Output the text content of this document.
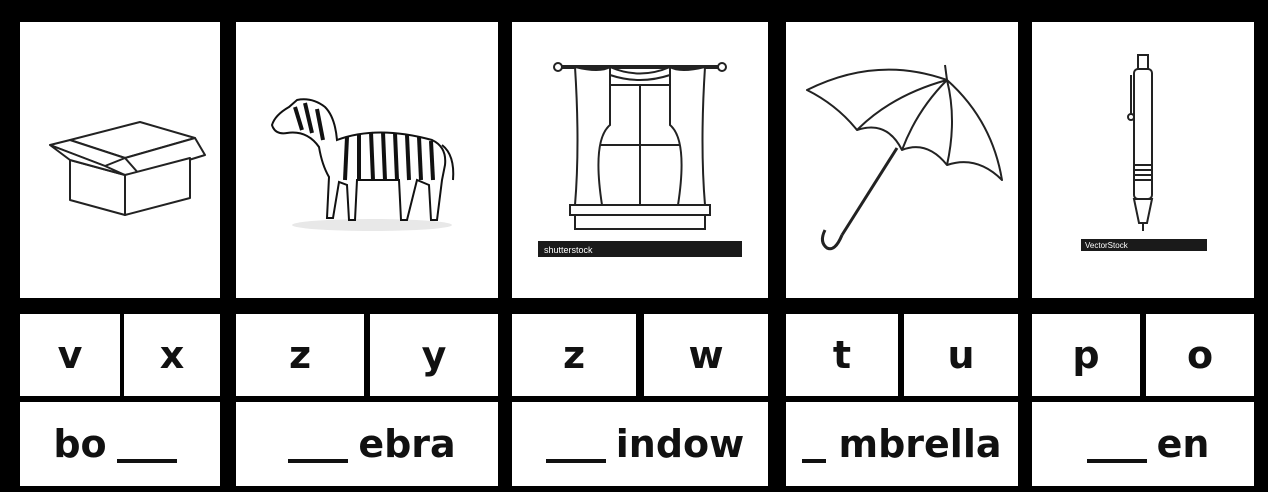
v	x
bo
z	y
ebra
shutterstock
z	w
indow
t	u
mbrella
VectorStock
p	o
en
